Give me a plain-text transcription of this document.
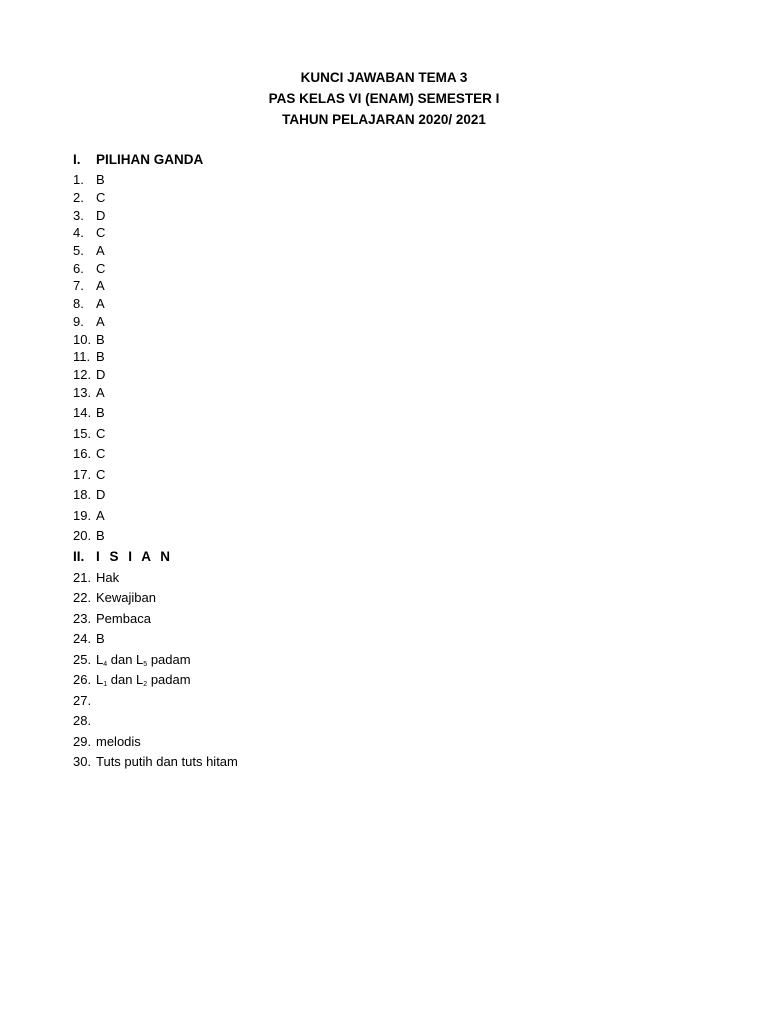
KUNCI JAWABAN TEMA 3
PAS KELAS VI (ENAM) SEMESTER I
TAHUN PELAJARAN 2020/ 2021
I. PILIHAN GANDA
1. B
2. C
3. D
4. C
5. A
6. C
7. A
8. A
9. A
10. B
11. B
12. D
13. A
14. B
15. C
16. C
17. C
18. D
19. A
20. B
II. I S I A N
21. Hak
22. Kewajiban
23. Pembaca
24. B
25. $L_4$ dan $L_5$ padam
26. $L_1$ dan $L_2$ padam
27.
28.
29. melodis
30. Tuts putih dan tuts hitam
